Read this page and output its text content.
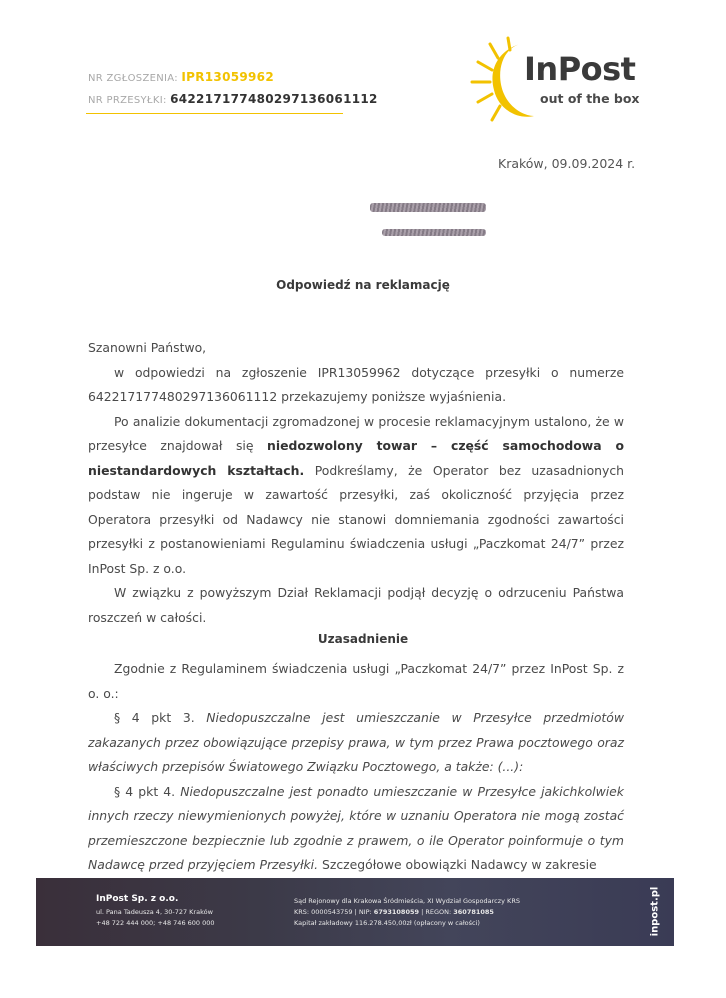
NR ZGŁOSZENIA: IPR13059962
NR PRZESYŁKI: 642217177480297136061112
InPost
out of the box
Kraków, 09.09.2024 r.
Odpowiedź na reklamację

Szanowni Państwo,

w odpowiedzi na zgłoszenie IPR13059962 dotyczące przesyłki o numerze 642217177480297136061112 przekazujemy poniższe wyjaśnienia.

Po analizie dokumentacji zgromadzonej w procesie reklamacyjnym ustalono, że w przesyłce znajdował się niedozwolony towar – część samochodowa o niestandardowych kształtach. Podkreślamy, że Operator bez uzasadnionych podstaw nie ingeruje w zawartość przesyłki, zaś okoliczność przyjęcia przez Operatora przesyłki od Nadawcy nie stanowi domniemania zgodności zawartości przesyłki z postanowieniami Regulaminu świadczenia usługi „Paczkomat 24/7” przez InPost Sp. z o.o.

W związku z powyższym Dział Reklamacji podjął decyzję o odrzuceniu Państwa roszczeń w całości.

Uzasadnienie

Zgodnie z Regulaminem świadczenia usługi „Paczkomat 24/7” przez InPost Sp. z o. o.:

§ 4 pkt 3. Niedopuszczalne jest umieszczanie w Przesyłce przedmiotów zakazanych przez obowiązujące przepisy prawa, w tym przez Prawa pocztowego oraz właściwych przepisów Światowego Związku Pocztowego, a także: (...):

§ 4 pkt 4. Niedopuszczalne jest ponadto umieszczanie w Przesyłce jakichkolwiek innych rzeczy niewymienionych powyżej, które w uznaniu Operatora nie mogą zostać przemieszczone bezpiecznie lub zgodnie z prawem, o ile Operator poinformuje o tym Nadawcę przed przyjęciem Przesyłki. Szczegółowe obowiązki Nadawcy w zakresie

InPost Sp. z o.o.
ul. Pana Tadeusza 4, 30-727 Kraków
+48 722 444 000; +48 746 600 000
Sąd Rejonowy dla Krakowa Śródmieścia, XI Wydział Gospodarczy KRS
KRS: 0000543759 | NIP: 6793108059 | REGON: 360781085
Kapitał zakładowy 116.278.450,00zł (opłacony w całości)	inpost.pl
